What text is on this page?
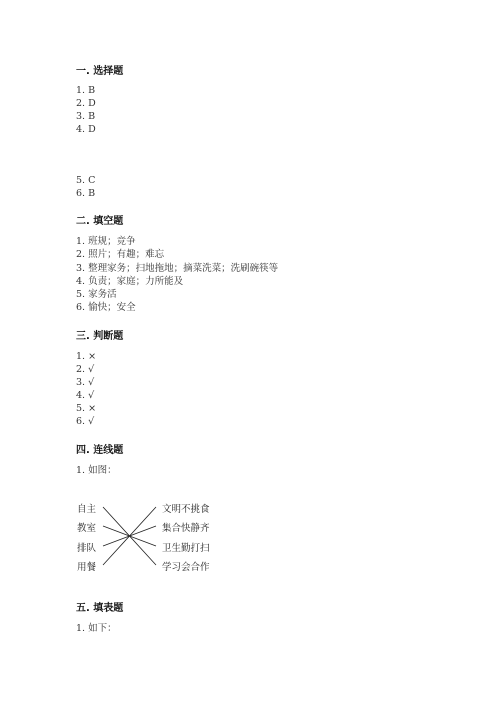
一. 选择题
1. B
2. D
3. B
4. D
5. C
6. B
二. 填空题
1. 班规；竞争
2. 照片；有趣；难忘
3. 整理家务；扫地拖地；摘菜洗菜；洗刷碗筷等
4. 负责；家庭；力所能及
5. 家务活
6. 愉快；安全
三. 判断题
1. ×
2. √
3. √
4. √
5. ×
6. √
四. 连线题
1. 如图：
自主
教室
排队
用餐
文明不挑食
集合快静齐
卫生勤打扫
学习会合作
五. 填表题
1. 如下：
